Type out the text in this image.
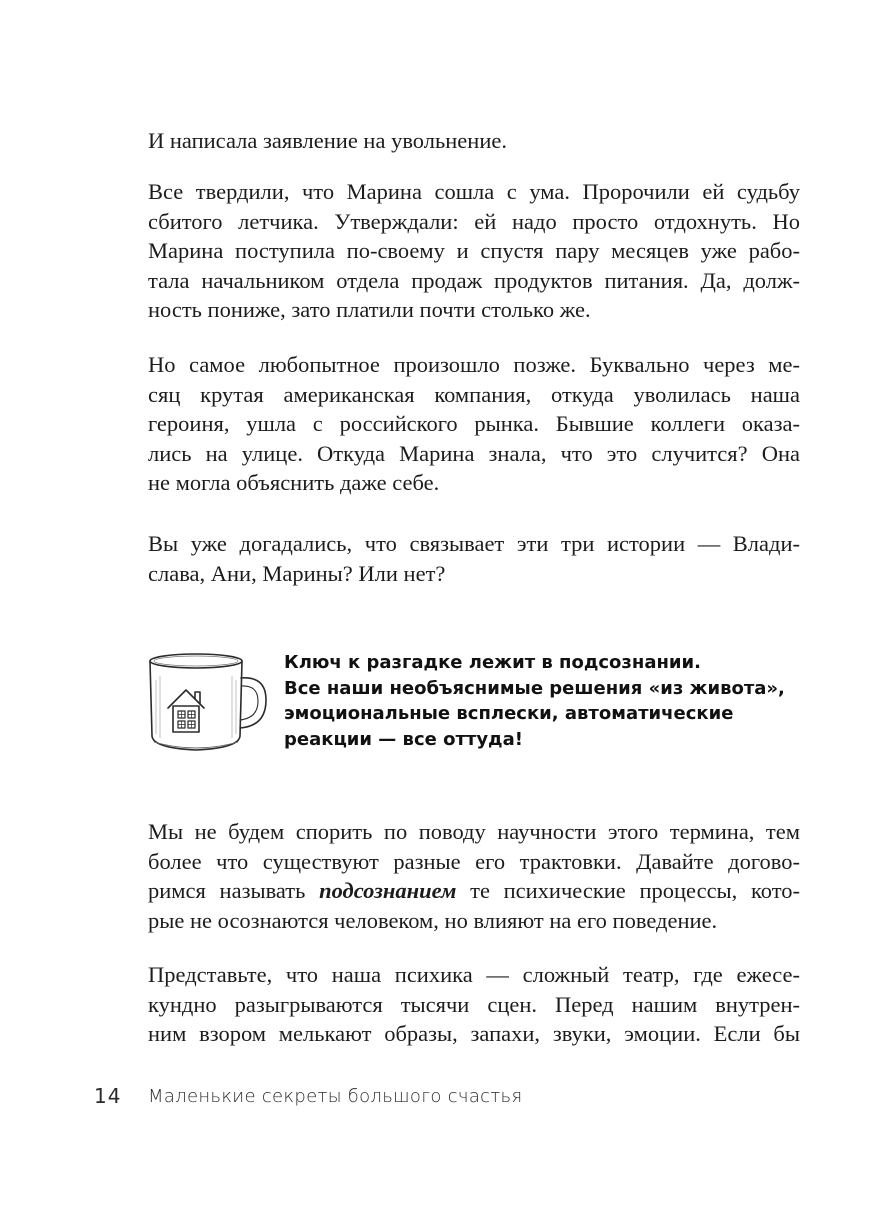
И написала заявление на увольнение.
Все твердили, что Марина сошла с ума. Пророчили ей судьбу
сбитого летчика. Утверждали: ей надо просто отдохнуть. Но
Марина поступила по-своему и спустя пару месяцев уже рабо-
тала начальником отдела продаж продуктов питания. Да, долж-
ность пониже, зато платили почти столько же.
Но самое любопытное произошло позже. Буквально через ме-
сяц крутая американская компания, откуда уволилась наша
героиня, ушла с российского рынка. Бывшие коллеги оказа-
лись на улице. Откуда Марина знала, что это случится? Она
не могла объяснить даже себе.
Вы уже догадались, что связывает эти три истории — Влади-
слава, Ани, Марины? Или нет?
Ключ к разгадке лежит в подсознании.
Все наши необъяснимые решения «из живота»,
эмоциональные всплески, автоматические
реакции — все оттуда!
Мы не будем спорить по поводу научности этого термина, тем
более что существуют разные его трактовки. Давайте догово-
римся называть подсознанием те психические процессы, кото-
рые не осознаются человеком, но влияют на его поведение.
Представьте, что наша психика — сложный театр, где ежесе-
кундно разыгрываются тысячи сцен. Перед нашим внутрен-
ним взором мелькают образы, запахи, звуки, эмоции. Если бы
14 Маленькие секреты большого счастья
